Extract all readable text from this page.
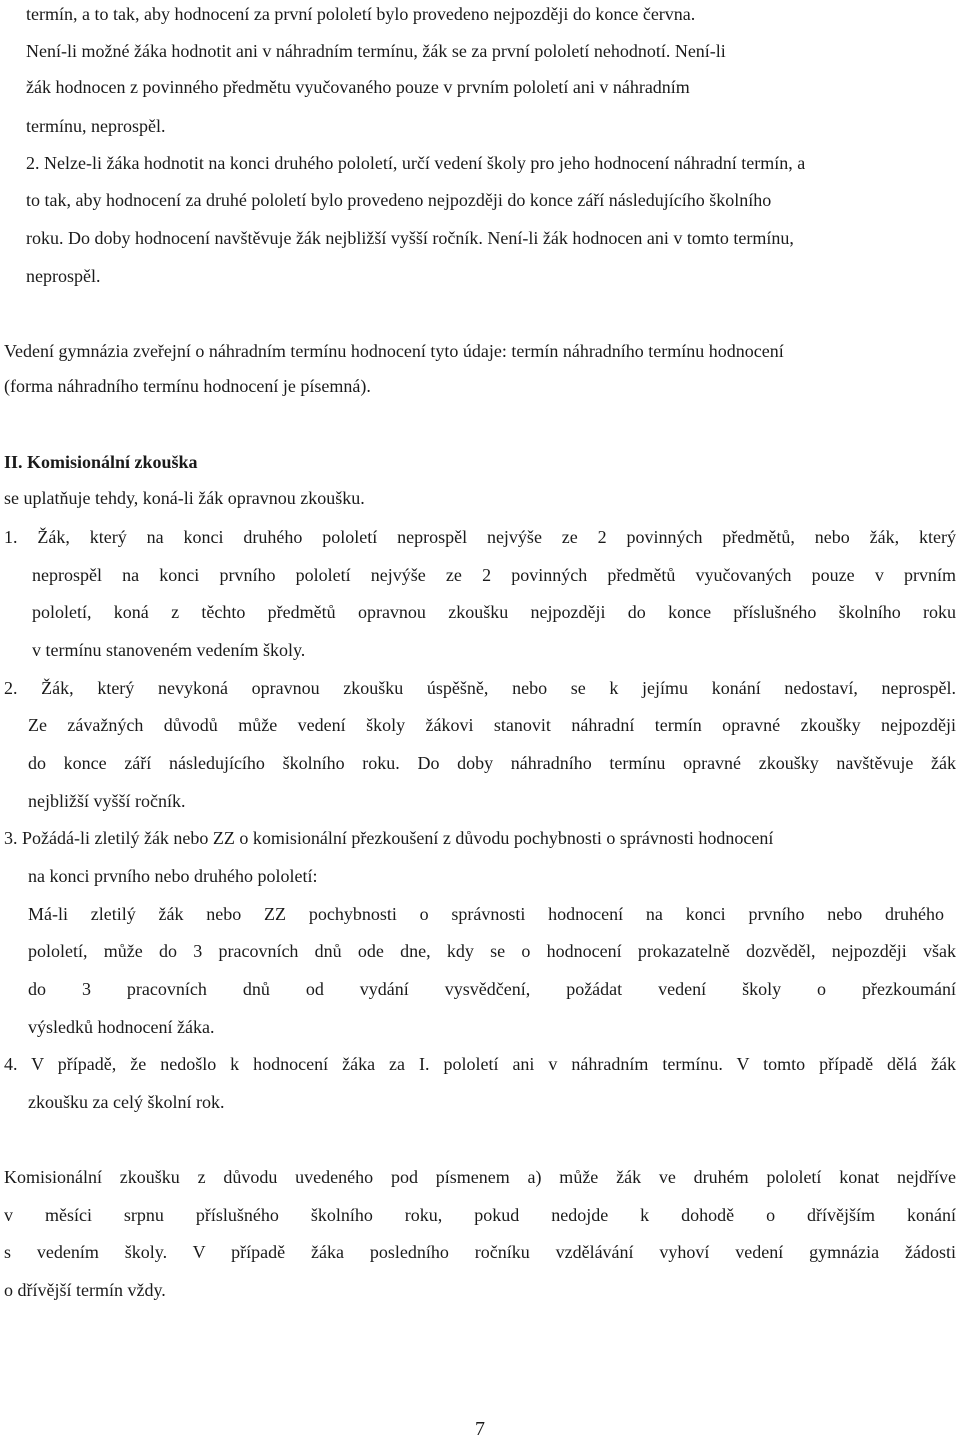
termín, a to tak, aby hodnocení za první pololetí bylo provedeno nejpozději do konce června.
Není-li možné žáka hodnotit ani v náhradním termínu, žák se za první pololetí nehodnotí. Není-li
žák hodnocen z povinného předmětu vyučovaného pouze v prvním pololetí ani v náhradním
termínu, neprospěl.
2. Nelze-li žáka hodnotit na konci druhého pololetí, určí vedení školy pro jeho hodnocení náhradní termín, a
to tak, aby hodnocení za druhé pololetí bylo provedeno nejpozději do konce září následujícího školního
roku. Do doby hodnocení navštěvuje žák nejbližší vyšší ročník. Není-li žák hodnocen ani v tomto termínu,
neprospěl.
Vedení gymnázia zveřejní o náhradním termínu hodnocení tyto údaje: termín náhradního termínu hodnocení
(forma náhradního termínu hodnocení je písemná).
II. Komisionální zkouška
se uplatňuje tehdy, koná-li žák opravnou zkoušku.
1. Žák, který na konci druhého pololetí neprospěl nejvýše ze 2 povinných předmětů, nebo žák, který
neprospěl na konci prvního pololetí nejvýše ze 2 povinných předmětů vyučovaných pouze v prvním
pololetí, koná z těchto předmětů opravnou zkoušku nejpozději do konce příslušného školního roku
v termínu stanoveném vedením školy.
2. Žák, který nevykoná opravnou zkoušku úspěšně, nebo se k jejímu konání nedostaví, neprospěl.
Ze závažných důvodů může vedení školy žákovi stanovit náhradní termín opravné zkoušky nejpozději
do konce září následujícího školního roku. Do doby náhradního termínu opravné zkoušky navštěvuje žák
nejbližší vyšší ročník.
3. Požádá-li zletilý žák nebo ZZ o komisionální přezkoušení z důvodu pochybnosti o správnosti hodnocení
na konci prvního nebo druhého pololetí:
Má-li zletilý žák nebo ZZ pochybnosti o správnosti hodnocení na konci prvního nebo druhého
pololetí, může do 3 pracovních dnů ode dne, kdy se o hodnocení prokazatelně dozvěděl, nejpozději však
do 3 pracovních dnů od vydání vysvědčení, požádat vedení školy o přezkoumání
výsledků hodnocení žáka.
4. V případě, že nedošlo k hodnocení žáka za I. pololetí ani v náhradním termínu. V tomto případě dělá žák
zkoušku za celý školní rok.
Komisionální zkoušku z důvodu uvedeného pod písmenem a) může žák ve druhém pololetí konat nejdříve
v měsíci srpnu příslušného školního roku, pokud nedojde k dohodě o dřívějším konání
s vedením školy. V případě žáka posledního ročníku vzdělávání vyhoví vedení gymnázia žádosti
o dřívější termín vždy.
7
